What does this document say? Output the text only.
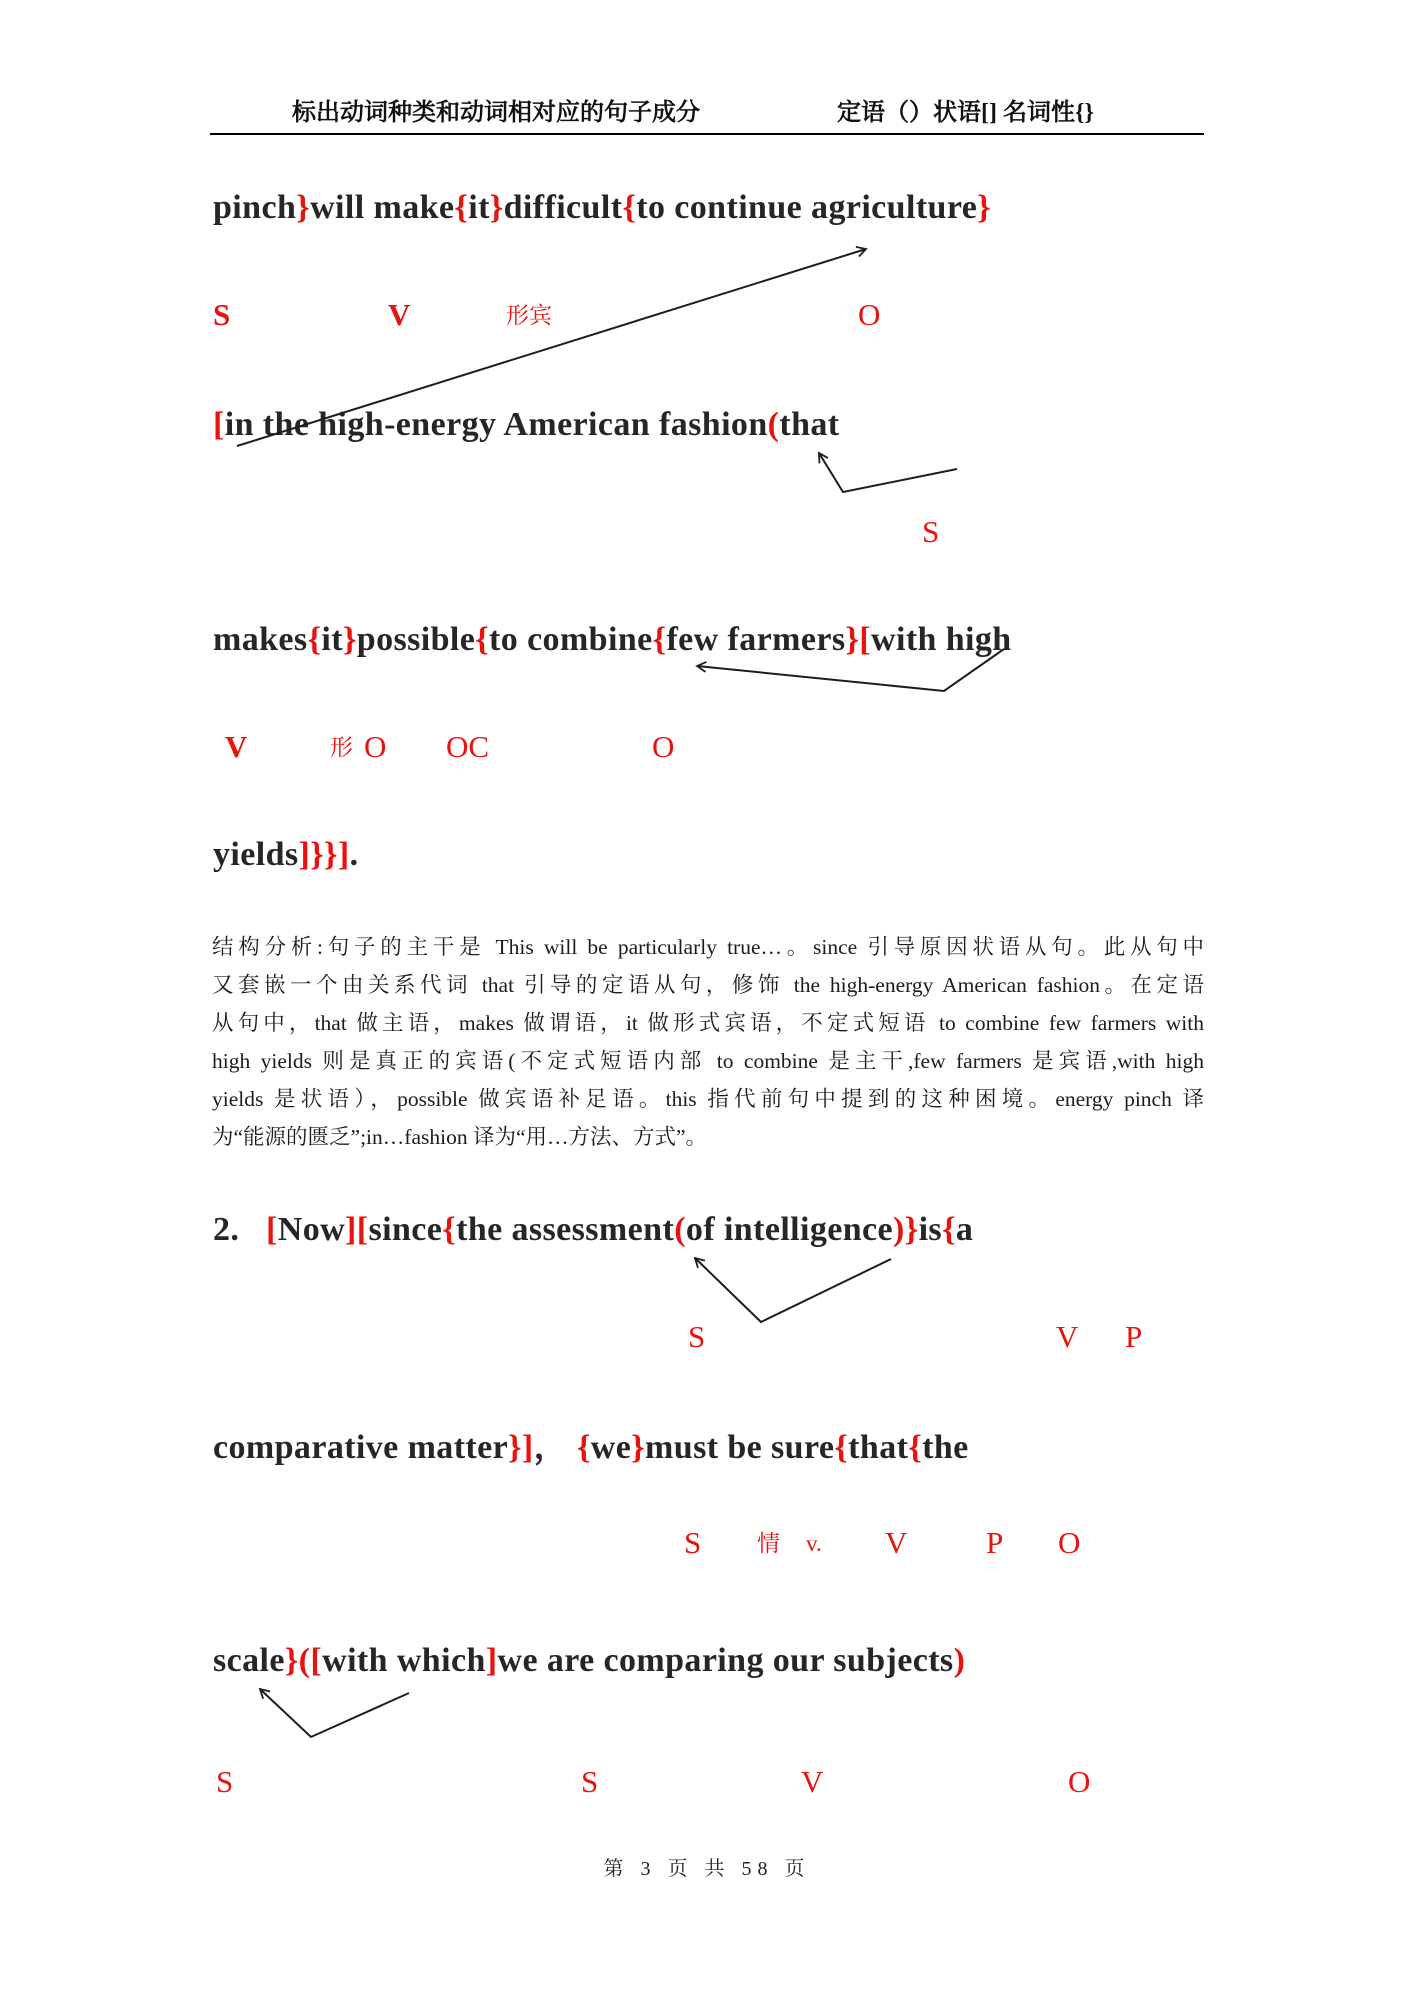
标出动词种类和动词相对应的句子成分	定语（）状语[] 名词性{}
pinch}will make{it}difficult{to continue agriculture}
[in the high-energy American fashion(that
makes{it}possible{to combine{few farmers}[with high
yields]}}].
2.   [Now][since{the assessment(of intelligence)}is{a
comparative matter}]， {we}must be sure{that{the
scale}([with which]we are comparing our subjects)
S	V	形宾	O
S
V	形 O OC	O
S	V P
S 情 v. V	P O
S	S	V	O
结构分析:句子的主干是 This will be particularly true…。since 引导原因状语从句。此从句中
又套嵌一个由关系代词 that 引导的定语从句，修饰 the high-energy American fashion。在定语
从句中，that 做主语，makes 做谓语，it 做形式宾语，不定式短语 to combine few farmers with
high yields 则是真正的宾语(不定式短语内部 to combine 是主干,few farmers 是宾语,with high
yields 是状语），possible 做宾语补足语。this 指代前句中提到的这种困境。energy pinch 译
为“能源的匮乏”;in…fashion 译为“用…方法、方式”。
第 3 页 共 58 页
